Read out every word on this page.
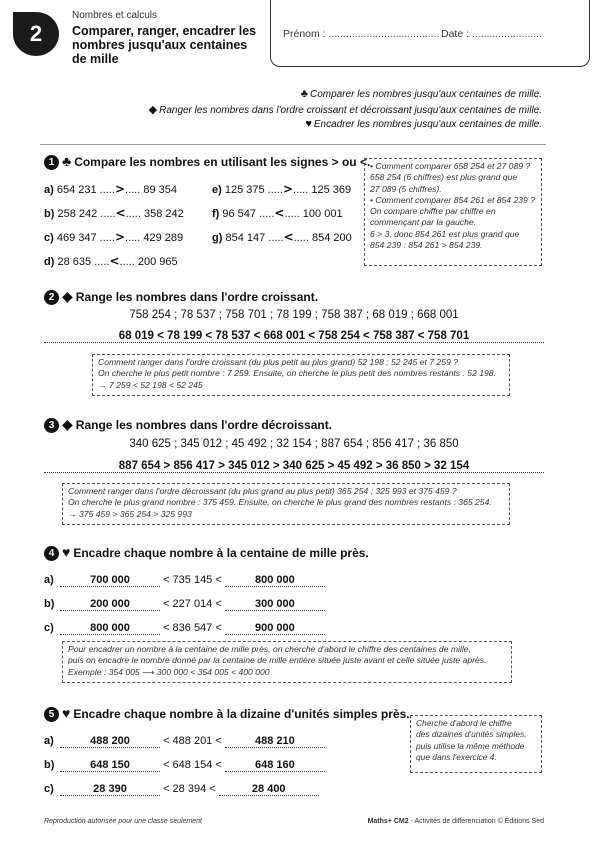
2
Nombres et calculs
Comparer, ranger, encadrer les nombres jusqu'aux centaines de mille
Prénom : ...................................... Date : ........................
♣ Comparer les nombres jusqu'aux centaines de mille.
◆ Ranger les nombres dans l'ordre croissant et décroissant jusqu'aux centaines de mille.
♥ Encadrer les nombres jusqu'aux centaines de mille.
1 ♣ Compare les nombres en utilisant les signes > ou <.
a) 654 231 .....>..... 89 354
b) 258 242 .....<..... 358 242
c) 469 347 .....>..... 429 289
d) 28 635 .....<..... 200 965
e) 125 375 .....>..... 125 369
f) 96 547 .....<..... 100 001
g) 854 147 .....<..... 854 200
• Comment comparer 658 254 et 27 089 ?
658 254 (6 chiffres) est plus grand que
27 089 (5 chiffres).
• Comment comparer 854 261 et 854 239 ?
On compare chiffre par chiffre en
commençant par la gauche.
6 > 3, donc 854 261 est plus grand que
854 239 : 854 261 > 854 239.
2 ◆ Range les nombres dans l'ordre croissant.
758 254 ; 78 537 ; 758 701 ; 78 199 ; 758 387 ; 68 019 ; 668 001
68 019 < 78 199 < 78 537 < 668 001 < 758 254 < 758 387 < 758 701
Comment ranger dans l'ordre croissant (du plus petit au plus grand) 52 198 ; 52 245 et 7 259 ?
On cherche le plus petit nombre : 7 259. Ensuite, on cherche le plus petit des nombres restants : 52 198.
→ 7 259 < 52 198 < 52 245
3 ◆ Range les nombres dans l'ordre décroissant.
340 625 ; 345 012 ; 45 492 ; 32 154 ; 887 654 ; 856 417 ; 36 850
887 654 > 856 417 > 345 012 > 340 625 > 45 492 > 36 850 > 32 154
Comment ranger dans l'ordre décroissant (du plus grand au plus petit) 365 254 ; 325 993 et 375 459 ?
On cherche le plus grand nombre : 375 459. Ensuite, on cherche le plus grand des nombres restants : 365 254.
→ 375 459 > 365 254 > 325 993
4 ♥ Encadre chaque nombre à la centaine de mille près.
a)	700 000	< 735 145 <	800 000
b)	200 000	< 227 014 <	300 000
c)	800 000	< 836 547 <	900 000
Pour encadrer un nombre à la centaine de mille près, on cherche d'abord le chiffre des centaines de mille,
puis on encadre le nombre donné par la centaine de mille entière située juste avant et celle située juste après.
Exemple : 354 005 ⟶ 300 000 < 354 005 < 400 000
5 ♥ Encadre chaque nombre à la dizaine d'unités simples près.
a)	488 200	< 488 201 <	488 210
b)	648 150	< 648 154 <	648 160
c)	28 390	< 28 394 <	28 400
Cherche d'abord le chiffre
des dizaines d'unités simples,
puis utilise la même méthode
que dans l'exercice 4.
Reproduction autorisée pour une classe seulement	Maths+ CM2 - Activités de différenciation © Éditions Sed
